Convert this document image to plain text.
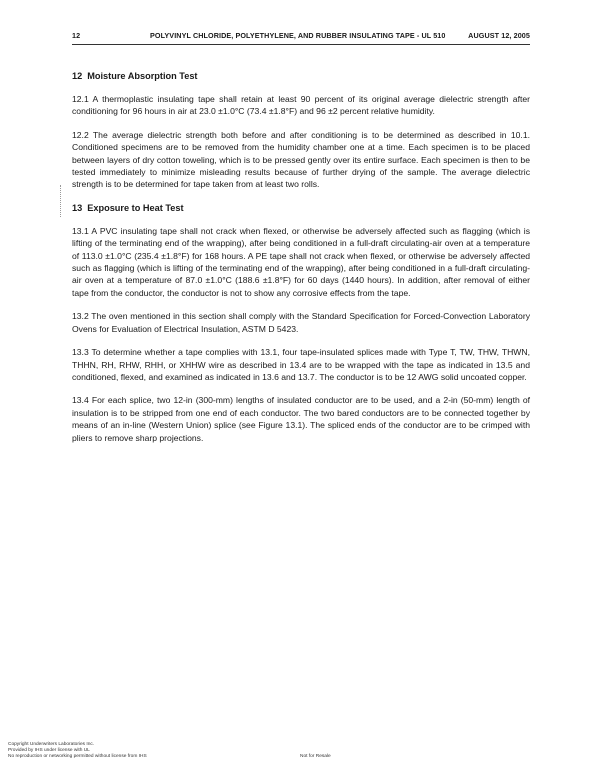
12	POLYVINYL CHLORIDE, POLYETHYLENE, AND RUBBER INSULATING TAPE - UL 510	AUGUST 12, 2005
12 Moisture Absorption Test

12.1 A thermoplastic insulating tape shall retain at least 90 percent of its original average dielectric strength after conditioning for 96 hours in air at 23.0 ±1.0°C (73.4 ±1.8°F) and 96 ±2 percent relative humidity.

12.2 The average dielectric strength both before and after conditioning is to be determined as described in 10.1. Conditioned specimens are to be removed from the humidity chamber one at a time. Each specimen is to be placed between layers of dry cotton toweling, which is to be pressed gently over its entire surface. Each specimen is then to be tested immediately to minimize misleading results because of further drying of the sample. The average dielectric strength is to be determined for tape taken from at least two rolls.

13 Exposure to Heat Test

13.1 A PVC insulating tape shall not crack when flexed, or otherwise be adversely affected such as flagging (which is lifting of the terminating end of the wrapping), after being conditioned in a full-draft circulating-air oven at a temperature of 113.0 ±1.0°C (235.4 ±1.8°F) for 168 hours. A PE tape shall not crack when flexed, or otherwise be adversely affected such as flagging (which is lifting of the terminating end of the wrapping), after being conditioned in a full-draft circulating-air oven at a temperature of 87.0 ±1.0°C (188.6 ±1.8°F) for 60 days (1440 hours). In addition, after removal of either tape from the conductor, the conductor is not to show any corrosive effects from the tape.

13.2 The oven mentioned in this section shall comply with the Standard Specification for Forced-Convection Laboratory Ovens for Evaluation of Electrical Insulation, ASTM D 5423.

13.3 To determine whether a tape complies with 13.1, four tape-insulated splices made with Type T, TW, THW, THWN, THHN, RH, RHW, RHH, or XHHW wire as described in 13.4 are to be wrapped with the tape as indicated in 13.5 and conditioned, flexed, and examined as indicated in 13.6 and 13.7. The conductor is to be 12 AWG solid uncoated copper.

13.4 For each splice, two 12-in (300-mm) lengths of insulated conductor are to be used, and a 2-in (50-mm) length of insulation is to be stripped from one end of each conductor. The two bared conductors are to be connected together by means of an in-line (Western Union) splice (see Figure 13.1). The spliced ends of the conductor are to be crimped with pliers to remove sharp projections.

Copyright Underwriters Laboratories Inc.
Provided by IHS under license with UL
No reproduction or networking permitted without license from IHS	Not for Resale
